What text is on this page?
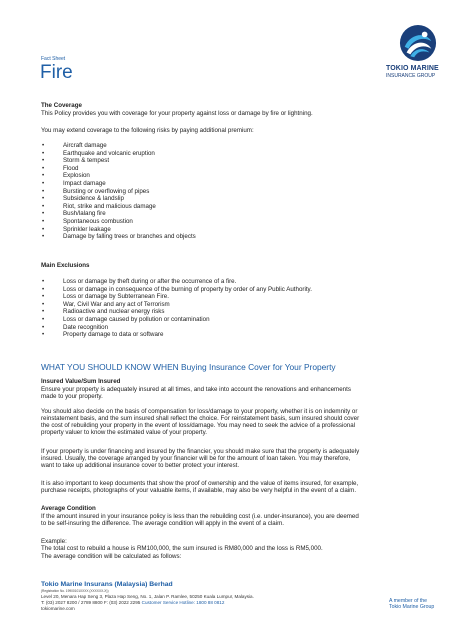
Fact Sheet
Fire	TOKIO MARINE
INSURANCE GROUP
The Coverage
This Policy provides you with coverage for your property against loss or damage by fire or lightning.
You may extend coverage to the following risks by paying additional premium:
• Aircraft damage
• Earthquake and volcanic eruption
• Storm & tempest
• Flood
• Explosion
• Impact damage
• Bursting or overflowing of pipes
• Subsidence & landslip
• Riot, strike and malicious damage
• Bush/lalang fire
• Spontaneous combustion
• Sprinkler leakage
• Damage by falling trees or branches and objects
Main Exclusions
• Loss or damage by theft during or after the occurrence of a fire.
• Loss or damage in consequence of the burning of property by order of any Public Authority.
• Loss or damage by Subterranean Fire.
• War, Civil War and any act of Terrorism
• Radioactive and nuclear energy risks
• Loss or damage caused by pollution or contamination
• Date recognition
• Property damage to data or software
WHAT YOU SHOULD KNOW WHEN Buying Insurance Cover for Your Property
Insured Value/Sum Insured
Ensure your property is adequately insured at all times, and take into account the renovations and enhancements
made to your property.
You should also decide on the basis of compensation for loss/damage to your property, whether it is on indemnity or
reinstatement basis, and the sum insured shall reflect the choice. For reinstatement basis, sum insured should cover
the cost of rebuilding your property in the event of loss/damage. You may need to seek the advice of a professional
property valuer to know the estimated value of your property.
If your property is under financing and insured by the financier, you should make sure that the property is adequately
insured. Usually, the coverage arranged by your financier will be for the amount of loan taken. You may therefore,
want to take up additional insurance cover to better protect your interest.
It is also important to keep documents that show the proof of ownership and the value of items insured, for example,
purchase receipts, photographs of your valuable items, if available, may also be very helpful in the event of a claim.
Average Condition
If the amount insured in your insurance policy is less than the rebuilding cost (i.e. under-insurance), you are deemed
to be self-insuring the difference. The average condition will apply in the event of a claim.
Example:
The total cost to rebuild a house is RM100,000, the sum insured is RM80,000 and the loss is RM5,000.
The average condition will be calculated as follows:
Tokio Marine Insurans (Malaysia) Berhad
(Registration No. 19900101XXXX (XXXXXX-X))
Level 20, Menara Hap Seng 3, Plaza Hap Seng, No. 1, Jalan P. Ramlee, 50250 Kuala Lumpur, Malaysia.
T: (03) 2027 8200 / 2789 8800 F: (03) 2022 2295 Customer Service Hotline: 1800 88 0812
tokiomarine.com
A member of the
Tokio Marine Group
